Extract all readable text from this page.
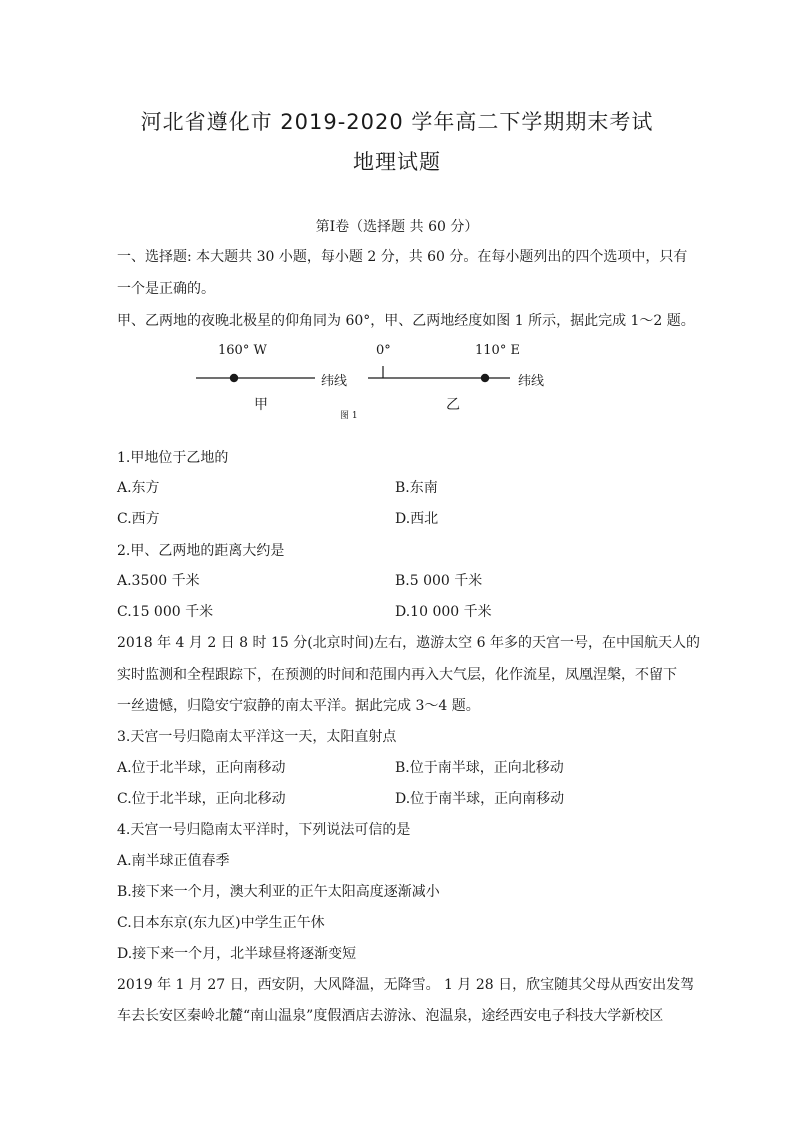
河北省遵化市 2019-2020 学年高二下学期期末考试
地理试题
第Ⅰ卷（选择题 共 60 分）
一、选择题: 本大题共 30 小题，每小题 2 分，共 60 分。在每小题列出的四个选项中，只有
一个是正确的。
甲、乙两地的夜晚北极星的仰角同为 60°，甲、乙两地经度如图 1 所示，据此完成 1～2 题。
160° W	0°	110° E
纬线	纬线
甲	乙
图 1
1.甲地位于乙地的
A.东方	B.东南
C.西方	D.西北
2.甲、乙两地的距离大约是
A.3500 千米	B.5 000 千米
C.15 000 千米	D.10 000 千米
2018 年 4 月 2 日 8 时 15 分(北京时间)左右，遨游太空 6 年多的天宫一号，在中国航天人的
实时监测和全程跟踪下，在预测的时间和范围内再入大气层，化作流星，凤凰涅槃，不留下
一丝遗憾，归隐安宁寂静的南太平洋。据此完成 3～4 题。
3.天宫一号归隐南太平洋这一天，太阳直射点
A.位于北半球，正向南移动	B.位于南半球，正向北移动
C.位于北半球，正向北移动	D.位于南半球，正向南移动
4.天宫一号归隐南太平洋时，下列说法可信的是
A.南半球正值春季
B.接下来一个月，澳大利亚的正午太阳高度逐渐减小
C.日本东京(东九区)中学生正午休
D.接下来一个月，北半球昼将逐渐变短
2019 年 1 月 27 日，西安阴，大风降温，无降雪。 1 月 28 日，欣宝随其父母从西安出发驾
车去长安区秦岭北麓“南山温泉”度假酒店去游泳、泡温泉，途经西安电子科技大学新校区
